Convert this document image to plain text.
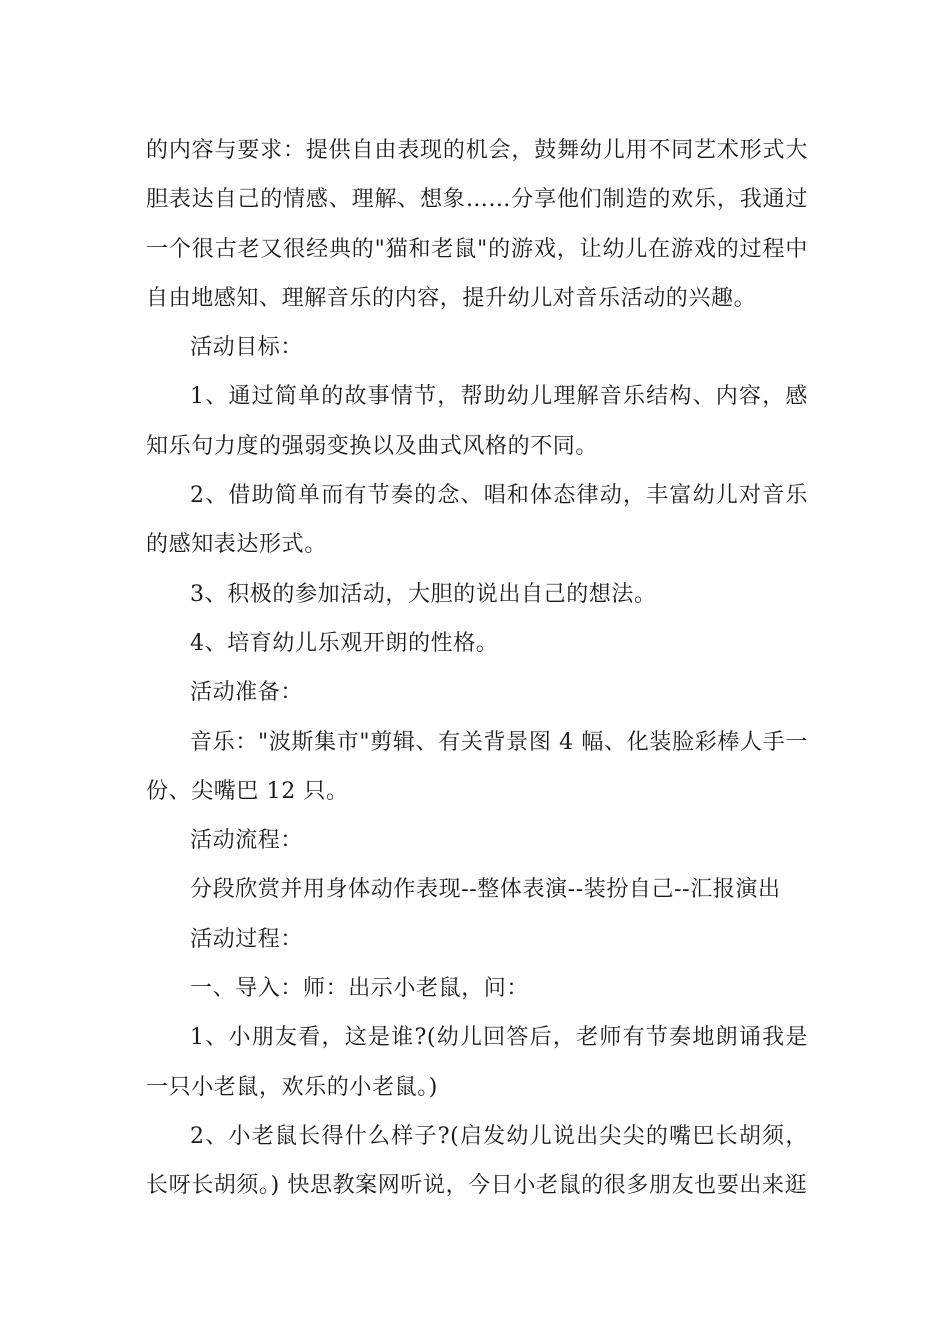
的内容与要求：提供自由表现的机会，鼓舞幼儿用不同艺术形式大胆表达自己的情感、理解、想象……分享他们制造的欢乐，我通过一个很古老又很经典的"猫和老鼠"的游戏，让幼儿在游戏的过程中自由地感知、理解音乐的内容，提升幼儿对音乐活动的兴趣。

活动目标：

1、通过简单的故事情节，帮助幼儿理解音乐结构、内容，感知乐句力度的强弱变换以及曲式风格的不同。

2、借助简单而有节奏的念、唱和体态律动，丰富幼儿对音乐的感知表达形式。

3、积极的参加活动，大胆的说出自己的想法。

4、培育幼儿乐观开朗的性格。

活动准备：

音乐："波斯集市"剪辑、有关背景图 4 幅、化装脸彩棒人手一份、尖嘴巴 12 只。

活动流程：

分段欣赏并用身体动作表现--整体表演--装扮自己--汇报演出

活动过程：

一、导入：师：出示小老鼠，问：

1、小朋友看，这是谁?(幼儿回答后，老师有节奏地朗诵我是一只小老鼠，欢乐的小老鼠。)

2、小老鼠长得什么样子?(启发幼儿说出尖尖的嘴巴长胡须，长呀长胡须。) 快思教案网听说，今日小老鼠的很多朋友也要出来逛
